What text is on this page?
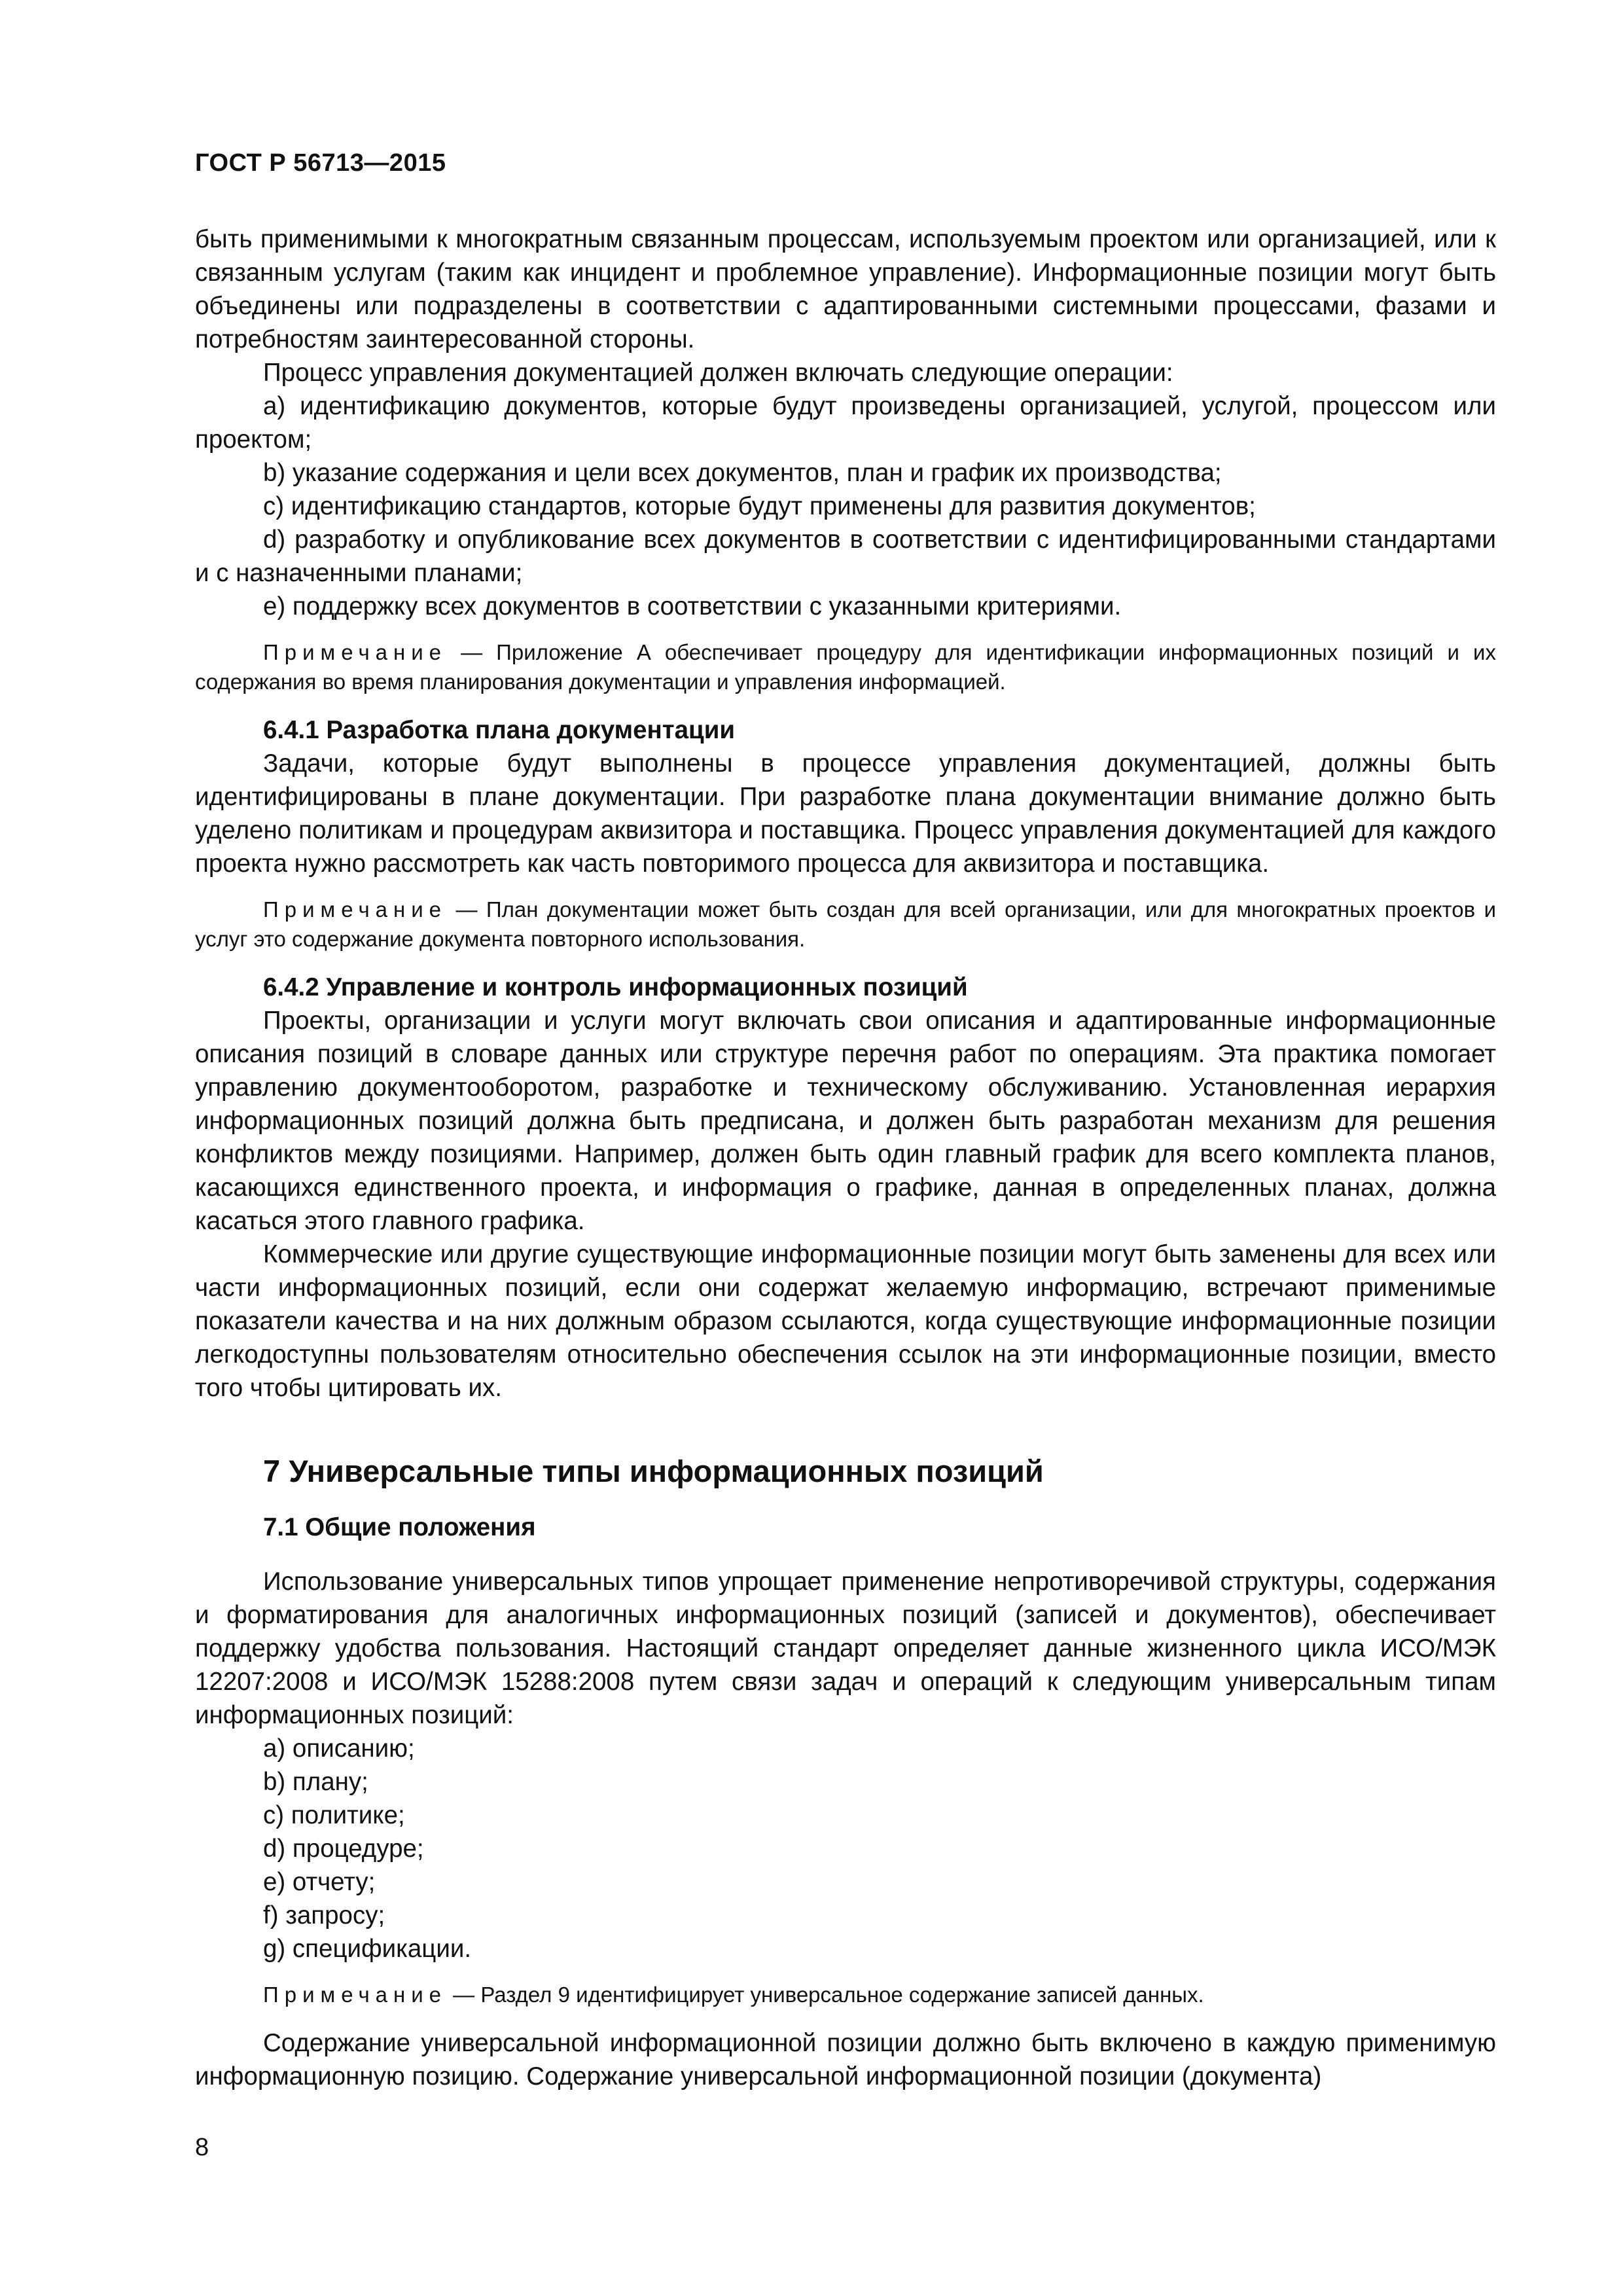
ГОСТ Р 56713—2015

быть применимыми к многократным связанным процессам, используемым проектом или организацией, или к связанным услугам (таким как инцидент и проблемное управление). Информационные позиции могут быть объединены или подразделены в соответствии с адаптированными системными процессами, фазами и потребностям заинтересованной стороны.

Процесс управления документацией должен включать следующие операции:

a) идентификацию документов, которые будут произведены организацией, услугой, процессом или проектом;

b) указание содержания и цели всех документов, план и график их производства;

c) идентификацию стандартов, которые будут применены для развития документов;

d) разработку и опубликование всех документов в соответствии с идентифицированными стандартами и с назначенными планами;

e) поддержку всех документов в соответствии с указанными критериями.

Примечание — Приложение А обеспечивает процедуру для идентификации информационных позиций и их содержания во время планирования документации и управления информацией.

6.4.1 Разработка плана документации

Задачи, которые будут выполнены в процессе управления документацией, должны быть идентифицированы в плане документации. При разработке плана документации внимание должно быть уделено политикам и процедурам аквизитора и поставщика. Процесс управления документацией для каждого проекта нужно рассмотреть как часть повторимого процесса для аквизитора и поставщика.

Примечание — План документации может быть создан для всей организации, или для многократных проектов и услуг это содержание документа повторного использования.

6.4.2 Управление и контроль информационных позиций

Проекты, организации и услуги могут включать свои описания и адаптированные информационные описания позиций в словаре данных или структуре перечня работ по операциям. Эта практика помогает управлению документооборотом, разработке и техническому обслуживанию. Установленная иерархия информационных позиций должна быть предписана, и должен быть разработан механизм для решения конфликтов между позициями. Например, должен быть один главный график для всего комплекта планов, касающихся единственного проекта, и информация о графике, данная в определенных планах, должна касаться этого главного графика.

Коммерческие или другие существующие информационные позиции могут быть заменены для всех или части информационных позиций, если они содержат желаемую информацию, встречают применимые показатели качества и на них должным образом ссылаются, когда существующие информационные позиции легкодоступны пользователям относительно обеспечения ссылок на эти информационные позиции, вместо того чтобы цитировать их.

7 Универсальные типы информационных позиций

7.1 Общие положения

Использование универсальных типов упрощает применение непротиворечивой структуры, содержания и форматирования для аналогичных информационных позиций (записей и документов), обеспечивает поддержку удобства пользования. Настоящий стандарт определяет данные жизненного цикла ИСО/МЭК 12207:2008 и ИСО/МЭК 15288:2008 путем связи задач и операций к следующим универсальным типам информационных позиций:

a) описанию;

b) плану;

c) политике;

d) процедуре;

e) отчету;

f) запросу;

g) спецификации.

Примечание — Раздел 9 идентифицирует универсальное содержание записей данных.

Содержание универсальной информационной позиции должно быть включено в каждую применимую информационную позицию. Содержание универсальной информационной позиции (документа)

8
